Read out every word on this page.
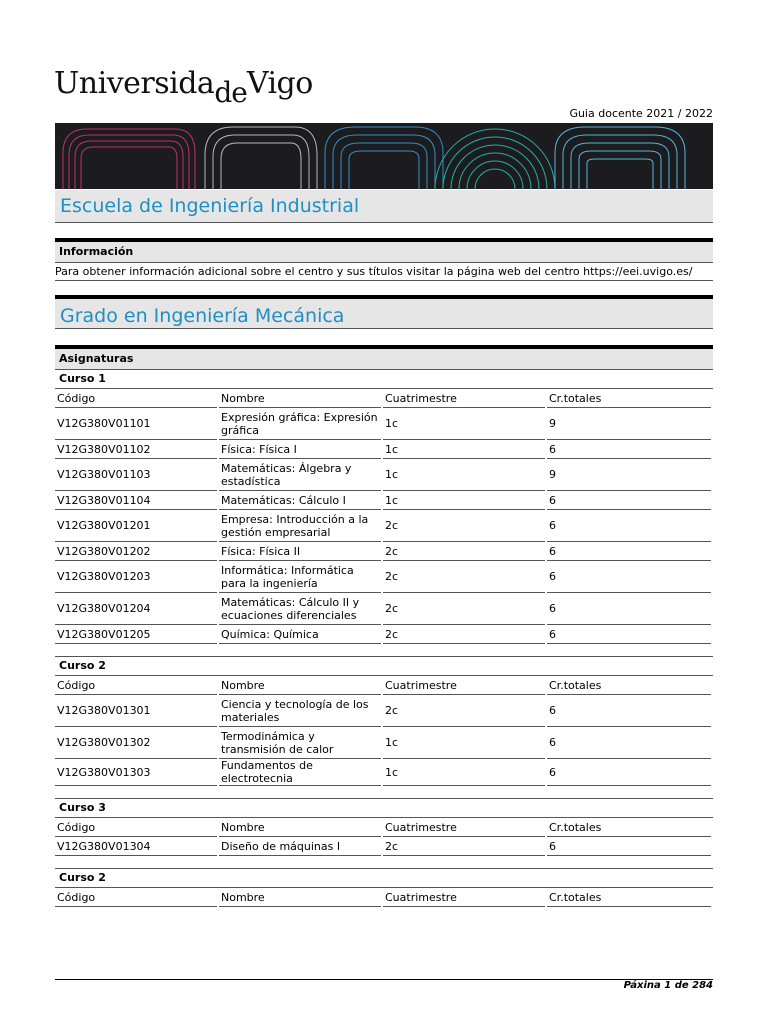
UniversidadeVigo

Guia docente 2021 / 2022

Escuela de Ingeniería Industrial
Información
Para obtener información adicional sobre el centro y sus títulos visitar la página web del centro https://eei.uvigo.es/
Grado en Ingeniería Mecánica
Asignaturas
Curso 1
Código	Nombre	Cuatrimestre	Cr.totales
V12G380V01101	Expresión gráfica: Expresión gráfica	1c	9
V12G380V01102	Física: Física I	1c	6
V12G380V01103	Matemáticas: Álgebra y estadística	1c	9
V12G380V01104	Matemáticas: Cálculo I	1c	6
V12G380V01201	Empresa: Introducción a la gestión empresarial	2c	6
V12G380V01202	Física: Física II	2c	6
V12G380V01203	Informática: Informática para la ingeniería	2c	6
V12G380V01204	Matemáticas: Cálculo II y ecuaciones diferenciales	2c	6
V12G380V01205	Química: Química	2c	6
Curso 2
Código	Nombre	Cuatrimestre	Cr.totales
V12G380V01301	Ciencia y tecnología de los materiales	2c	6
V12G380V01302	Termodinámica y transmisión de calor	1c	6
V12G380V01303	Fundamentos de electrotecnia	1c	6
Curso 3
Código	Nombre	Cuatrimestre	Cr.totales
V12G380V01304	Diseño de máquinas I	2c	6
Curso 2
Código	Nombre	Cuatrimestre	Cr.totales

Páxina 1 de 284
